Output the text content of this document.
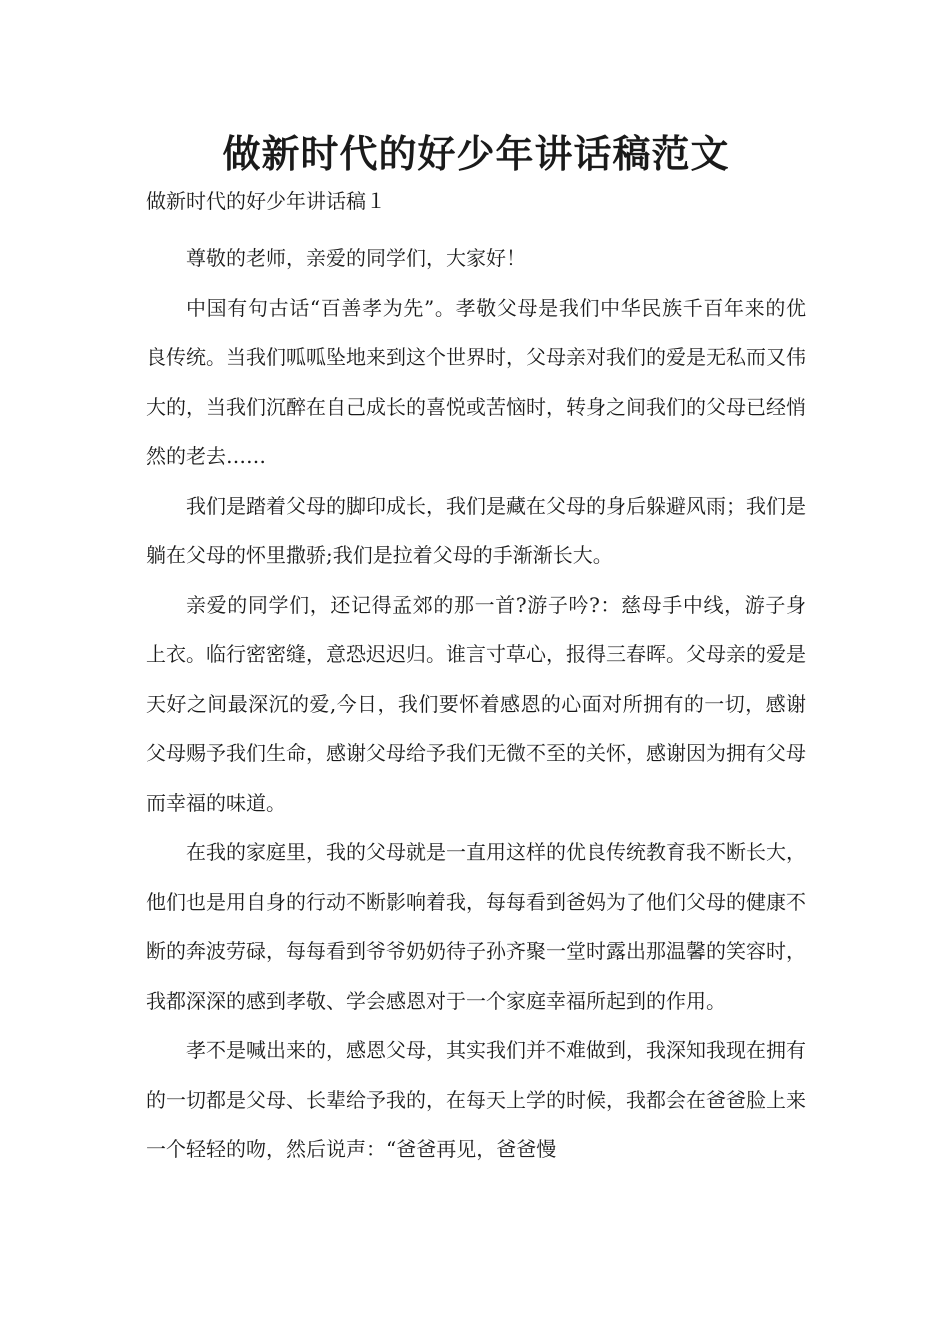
做新时代的好少年讲话稿范文
做新时代的好少年讲话稿１

尊敬的老师，亲爱的同学们，大家好！

中国有句古话“百善孝为先”。孝敬父母是我们中华民族千百年来的优良传统。当我们呱呱坠地来到这个世界时，父母亲对我们的爱是无私而又伟大的，当我们沉醉在自己成长的喜悦或苦恼时，转身之间我们的父母已经悄然的老去……

我们是踏着父母的脚印成长，我们是藏在父母的身后躲避风雨；我们是躺在父母的怀里撒骄;我们是拉着父母的手渐渐长大。

亲爱的同学们，还记得孟郊的那一首?游子吟?：慈母手中线，游子身上衣。临行密密缝，意恐迟迟归。谁言寸草心，报得三春晖。父母亲的爱是天好之间最深沉的爱,今日，我们要怀着感恩的心面对所拥有的一切，感谢父母赐予我们生命，感谢父母给予我们无微不至的关怀，感谢因为拥有父母而幸福的味道。

在我的家庭里，我的父母就是一直用这样的优良传统教育我不断长大，他们也是用自身的行动不断影响着我，每每看到爸妈为了他们父母的健康不断的奔波劳碌，每每看到爷爷奶奶待子孙齐聚一堂时露出那温馨的笑容时，我都深深的感到孝敬、学会感恩对于一个家庭幸福所起到的作用。

孝不是喊出来的，感恩父母，其实我们并不难做到，我深知我现在拥有的一切都是父母、长辈给予我的，在每天上学的时候，我都会在爸爸脸上来一个轻轻的吻，然后说声：“爸爸再见，爸爸慢
